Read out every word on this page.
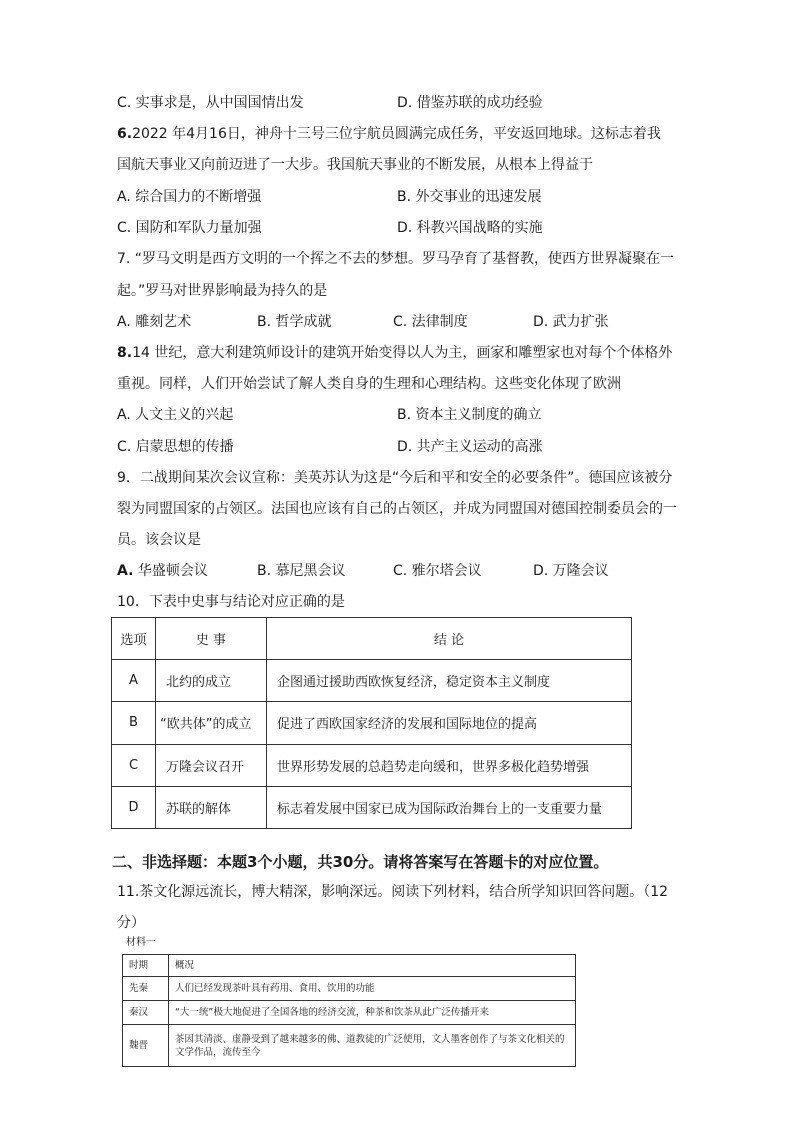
C. 实事求是，从中国国情出发	D. 借鉴苏联的成功经验
6.2022 年4月16日，神舟十三号三位宇航员圆满完成任务，平安返回地球。这标志着我
国航天事业又向前迈进了一大步。我国航天事业的不断发展，从根本上得益于
A. 综合国力的不断增强	B. 外交事业的迅速发展
C. 国防和军队力量加强	D. 科教兴国战略的实施
7. “罗马文明是西方文明的一个挥之不去的梦想。罗马孕育了基督教，使西方世界凝聚在一
起。”罗马对世界影响最为持久的是
A. 雕刻艺术	B. 哲学成就	C. 法律制度	D. 武力扩张
8.14 世纪，意大利建筑师设计的建筑开始变得以人为主，画家和雕塑家也对每个个体格外
重视。同样，人们开始尝试了解人类自身的生理和心理结构。这些变化体现了欧洲
A. 人文主义的兴起	B. 资本主义制度的确立
C. 启蒙思想的传播	D. 共产主义运动的高涨
9．二战期间某次会议宣称：美英苏认为这是“今后和平和安全的必要条件”。德国应该被分
裂为同盟国家的占领区。法国也应该有自己的占领区，并成为同盟国对德国控制委员会的一
员。该会议是
A. 华盛顿会议	B. 慕尼黑会议	C. 雅尔塔会议	D. 万隆会议
10．下表中史事与结论对应正确的是
选项	史 事	结 论
A	北约的成立	企图通过援助西欧恢复经济，稳定资本主义制度
B	“欧共体”的成立	促进了西欧国家经济的发展和国际地位的提高
C	万隆会议召开	世界形势发展的总趋势走向缓和，世界多极化趋势增强
D	苏联的解体	标志着发展中国家已成为国际政治舞台上的一支重要力量
二、非选择题：本题3个小题，共30分。请将答案写在答题卡的对应位置。
11.茶文化源远流长，博大精深，影响深远。阅读下列材料，结合所学知识回答问题。（12
分）
材料一
时期	概况
先秦	人们已经发现茶叶具有药用、食用、饮用的功能
秦汉	“大一统”极大地促进了全国各地的经济交流，种茶和饮茶从此广泛传播开来
魏晋	茶因其清淡、虚静受到了越来越多的佛、道教徒的广泛使用，文人墨客创作了与茶文化相关的文学作品，流传至今
